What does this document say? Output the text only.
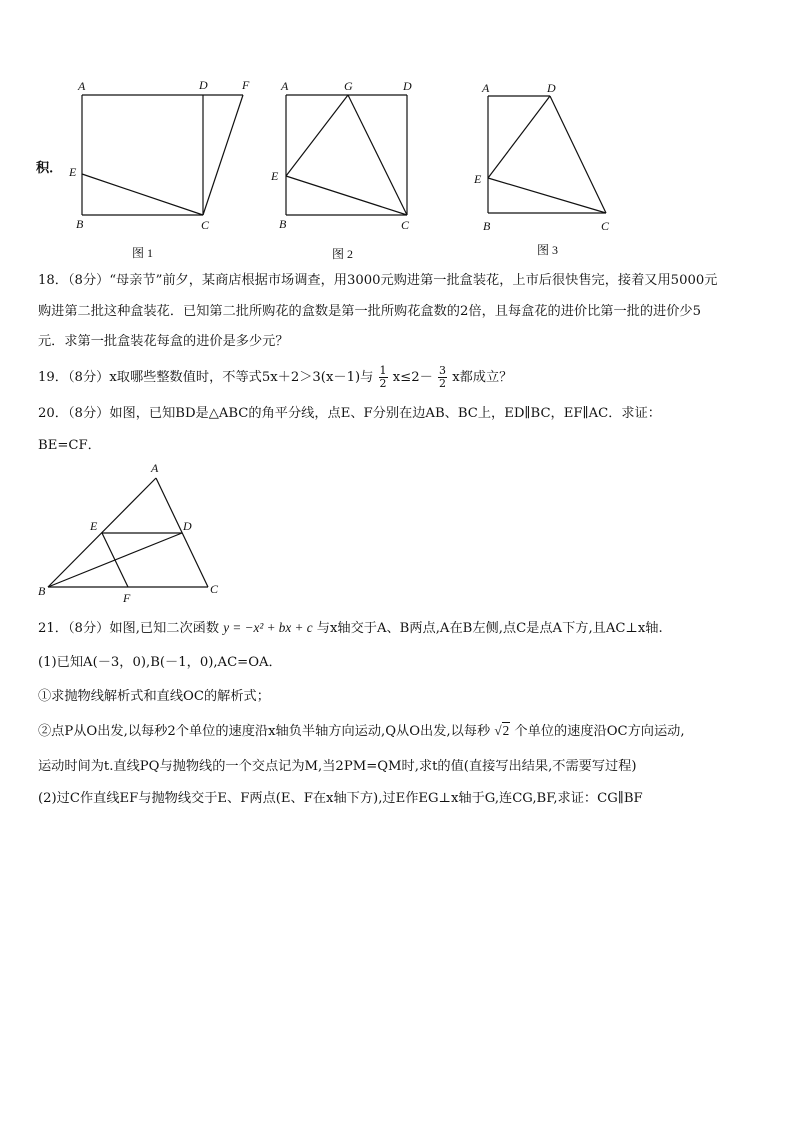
积．
A	D	F
E
B	C
图 1
A	G	D
E
B	C
图 2
A	D
E
B	C
图 3
18．（8分）“母亲节”前夕，某商店根据市场调查，用3000元购进第一批盒装花，上市后很快售完，接着又用5000元
购进第二批这种盒装花．已知第二批所购花的盒数是第一批所购花盒数的2倍，且每盒花的进价比第一批的进价少5
元．求第一批盒装花每盒的进价是多少元？
19．（8分）x取哪些整数值时，不等式5x＋2＞3(x－1)与 $\frac{1}{2} x\le 2- \frac{3}{2}$ x都成立？
20．（8分）如图，已知BD是△ABC的角平分线，点E、F分别在边AB、BC上，ED∥BC，EF∥AC．求证：
BE=CF．
A
E	D
B	F
C
21．（8分）如图,已知二次函数 y = −x² + bx + c 与x轴交于A、B两点,A在B左侧,点C是点A下方,且AC⊥x轴.
(1)已知A(－3，0),B(－1，0),AC=OA．
①求抛物线解析式和直线OC的解析式；
②点P从O出发,以每秒2个单位的速度沿x轴负半轴方向运动,Q从O出发,以每秒 √2 个单位的速度沿OC方向运动,
运动时间为t.直线PQ与抛物线的一个交点记为M,当2PM=QM时,求t的值(直接写出结果,不需要写过程)
(2)过C作直线EF与抛物线交于E、F两点(E、F在x轴下方),过E作EG⊥x轴于G,连CG,BF,求证：CG∥BF
